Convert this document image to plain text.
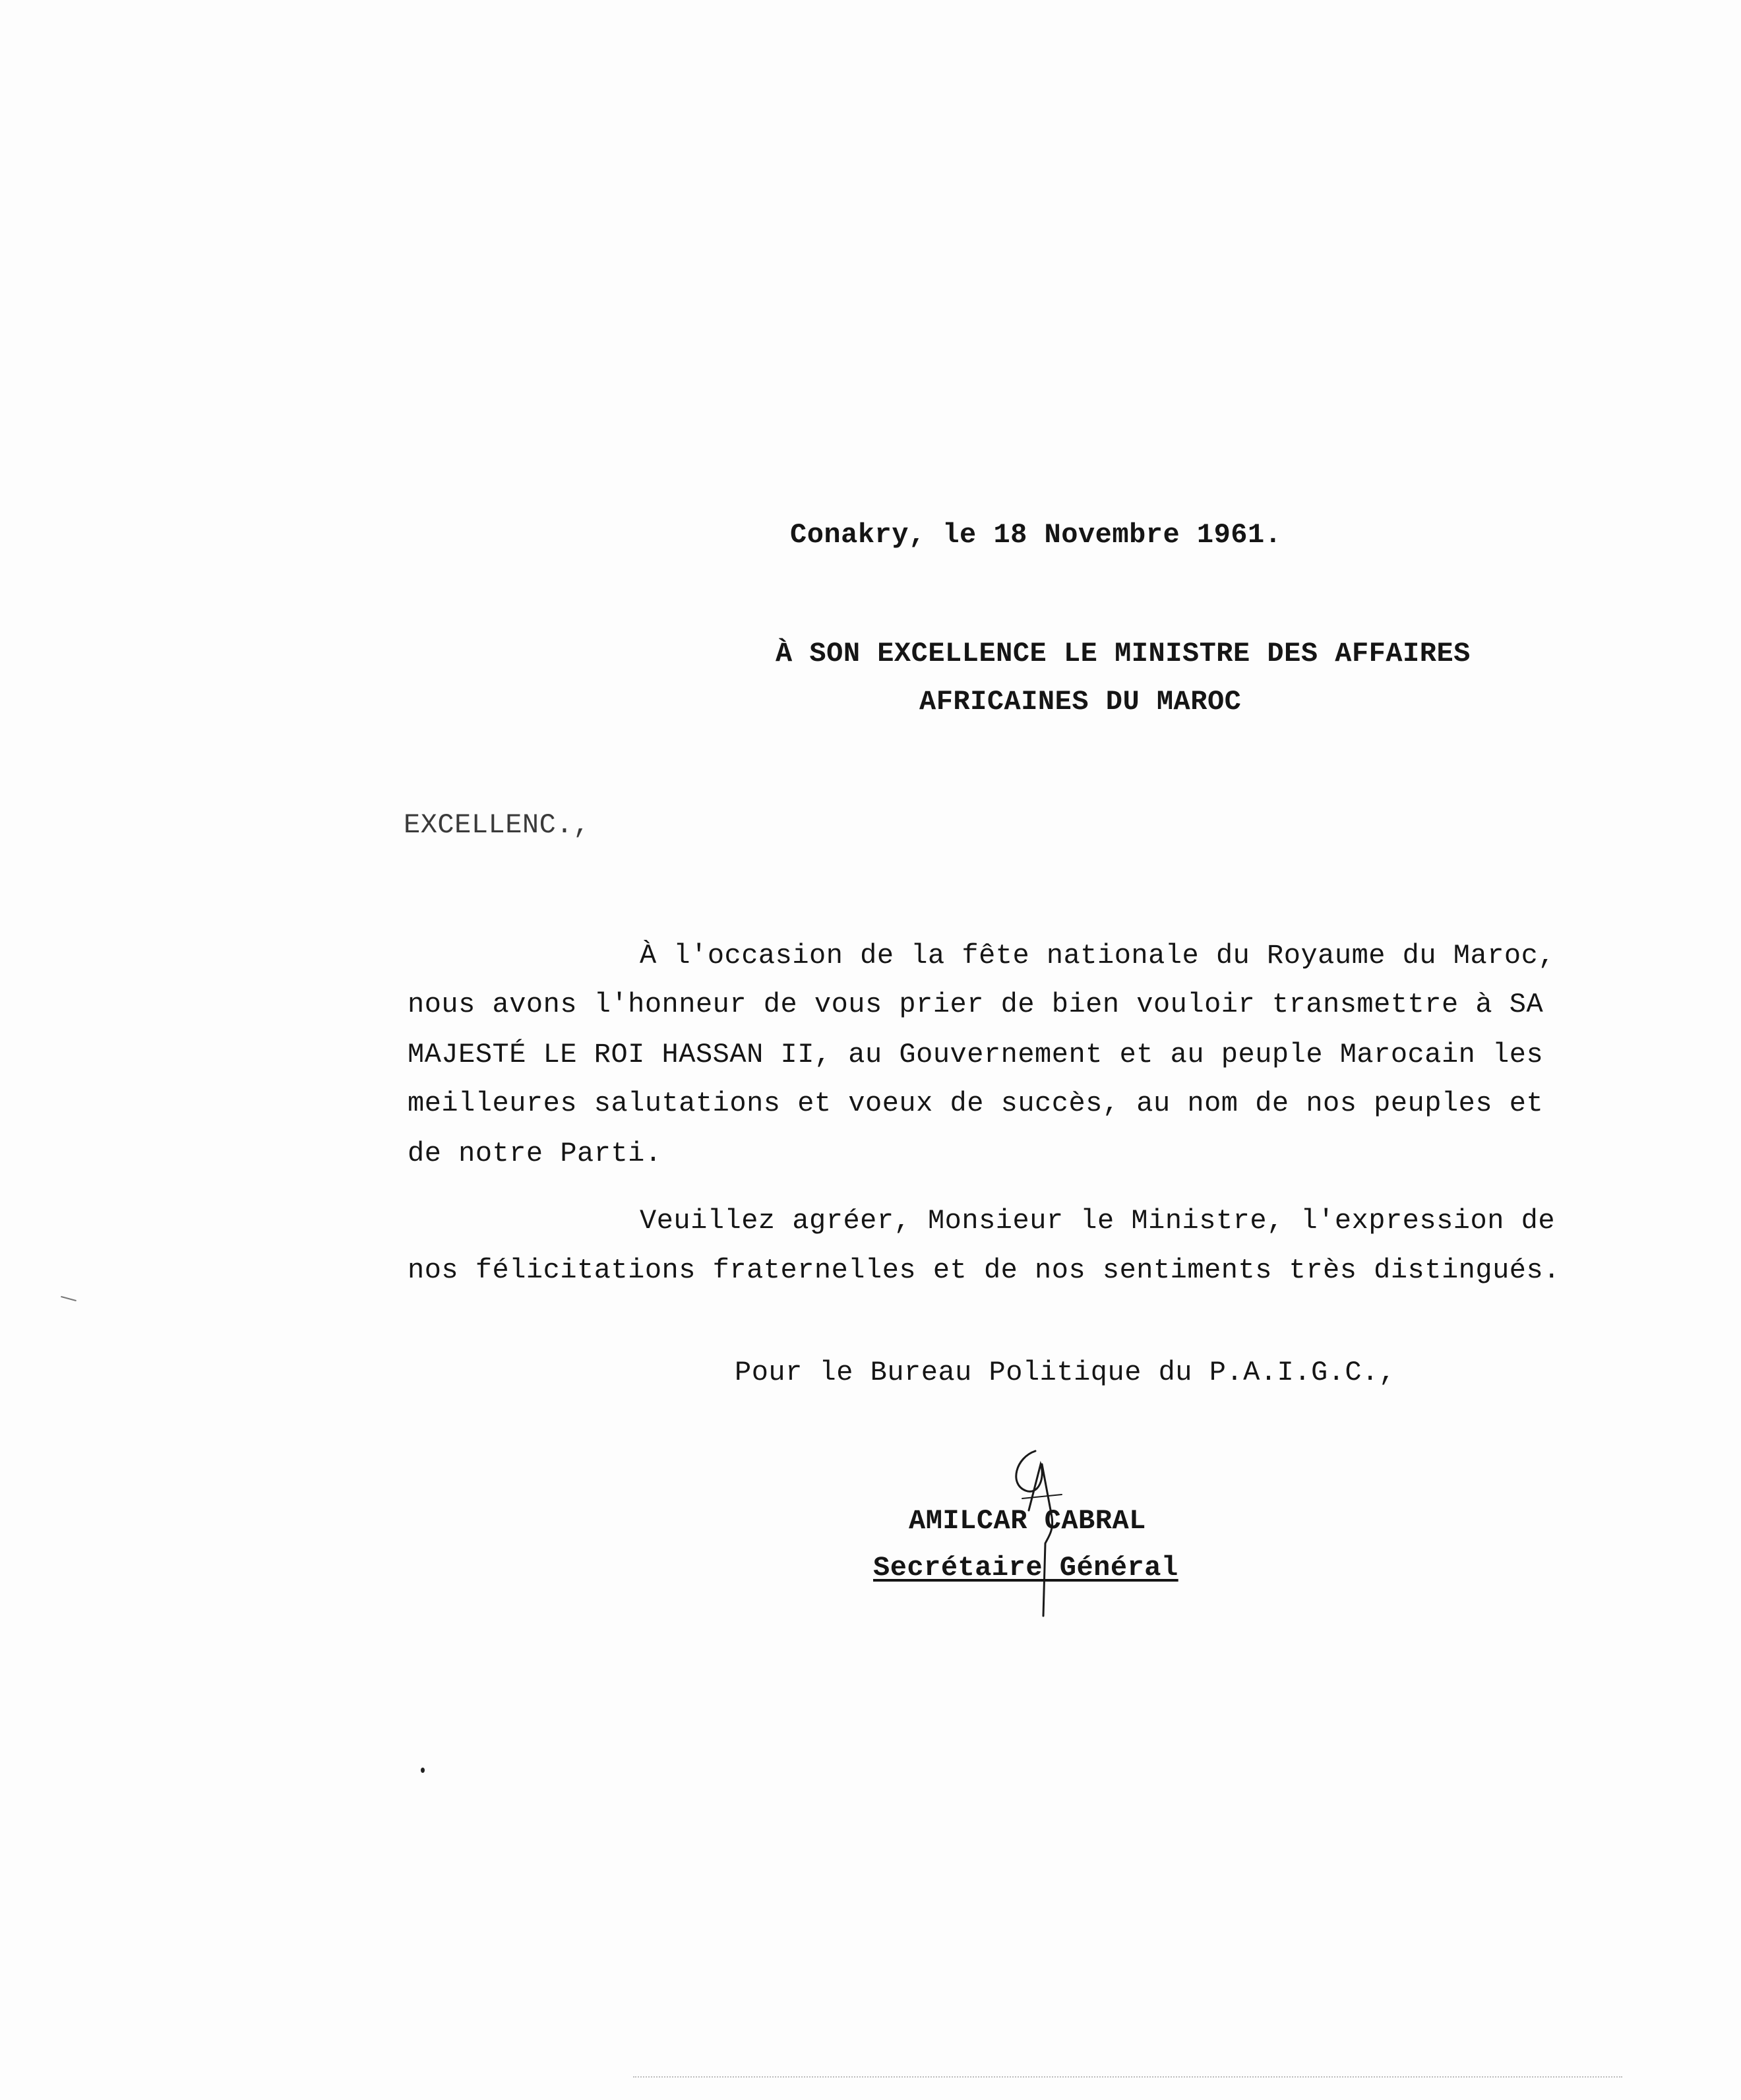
Conakry, le 18 Novembre 1961.
À SON EXCELLENCE LE MINISTRE DES AFFAIRES
AFRICAINES DU MAROC
EXCELLENC.,
À l'occasion de la fête nationale du Royaume du Maroc,
nous avons l'honneur de vous prier de bien vouloir transmettre à SA
MAJESTÉ LE ROI HASSAN II, au Gouvernement et au peuple Marocain les
meilleures salutations et voeux de succès, au nom de nos peuples et
de notre Parti.
Veuillez agréer, Monsieur le Ministre, l'expression de
nos félicitations fraternelles et de nos sentiments très distingués.
Pour le Bureau Politique du P.A.I.G.C.,
AMILCAR CABRAL
Secrétaire Général
